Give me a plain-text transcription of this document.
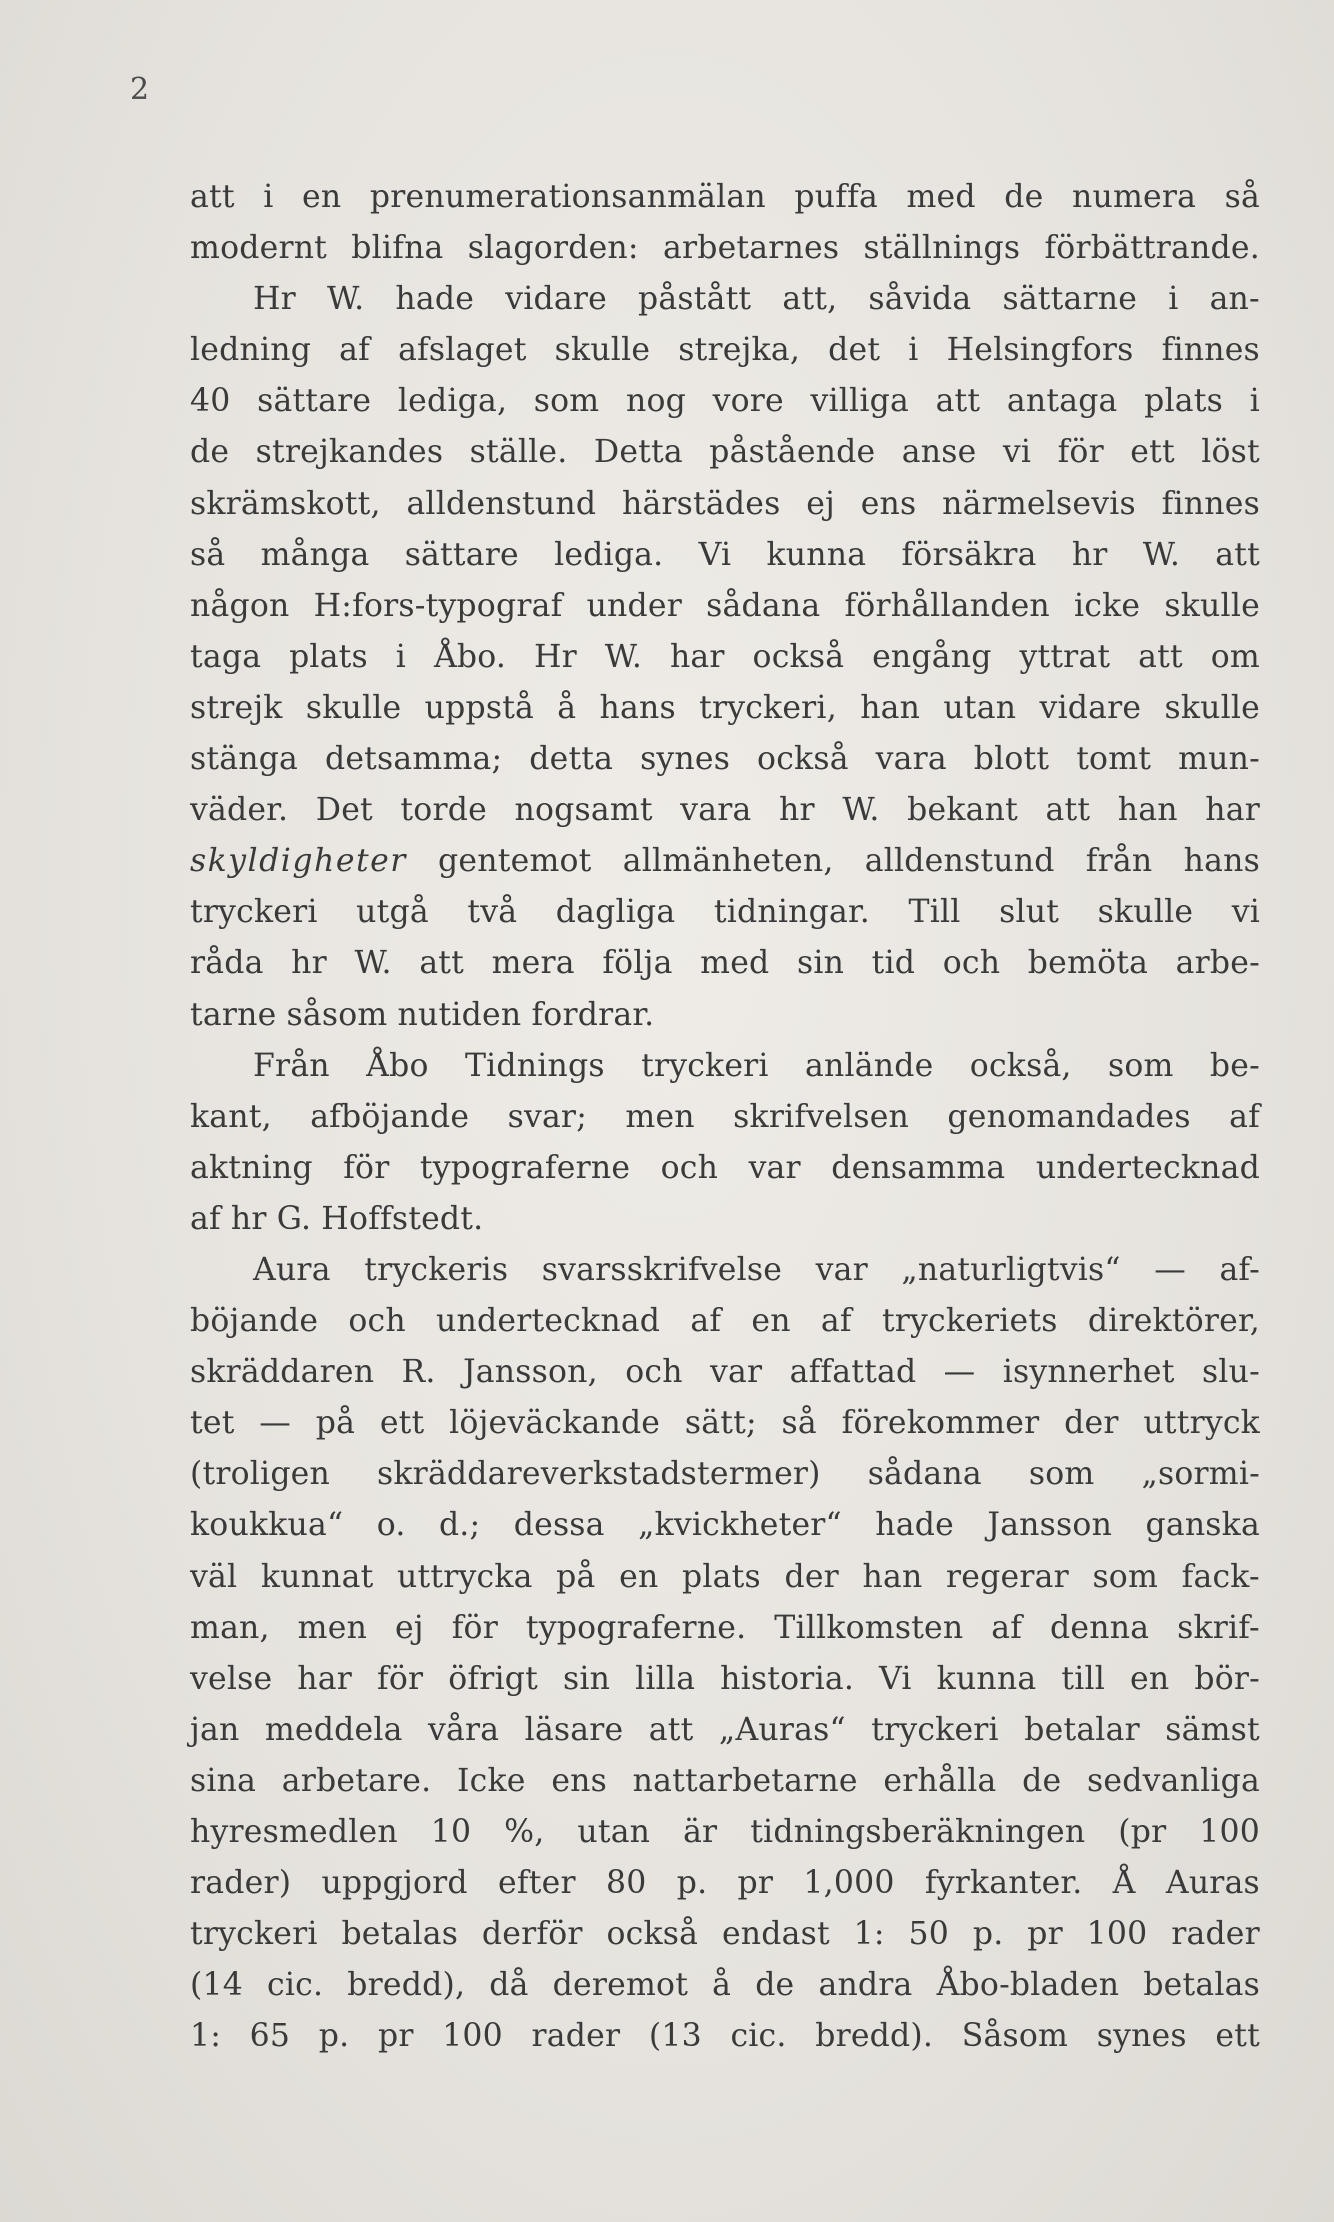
2

att i en prenumerationsanmälan puffa med de numera så
modernt blifna slagorden: arbetarnes ställnings förbättrande.
Hr W. hade vidare påstått att, såvida sättarne i an-
ledning af afslaget skulle strejka, det i Helsingfors finnes
40 sättare lediga, som nog vore villiga att antaga plats i
de strejkandes ställe. Detta påstående anse vi för ett löst
skrämskott, alldenstund härstädes ej ens närmelsevis finnes
så många sättare lediga. Vi kunna försäkra hr W. att
någon H:fors-typograf under sådana förhållanden icke skulle
taga plats i Åbo. Hr W. har också engång yttrat att om
strejk skulle uppstå å hans tryckeri, han utan vidare skulle
stänga detsamma; detta synes också vara blott tomt mun-
väder. Det torde nogsamt vara hr W. bekant att han har
skyldigheter gentemot allmänheten, alldenstund från hans
tryckeri utgå två dagliga tidningar. Till slut skulle vi
råda hr W. att mera följa med sin tid och bemöta arbe-
tarne såsom nutiden fordrar.
Från Åbo Tidnings tryckeri anlände också, som be-
kant, afböjande svar; men skrifvelsen genomandades af
aktning för typograferne och var densamma undertecknad
af hr G. Hoffstedt.
Aura tryckeris svarsskrifvelse var „naturligtvis“ — af-
böjande och undertecknad af en af tryckeriets direktörer,
skräddaren R. Jansson, och var affattad — isynnerhet slu-
tet — på ett löjeväckande sätt; så förekommer der uttryck
(troligen skräddareverkstadstermer) sådana som „sormi-
koukkua“ o. d.; dessa „kvickheter“ hade Jansson ganska
väl kunnat uttrycka på en plats der han regerar som fack-
man, men ej för typograferne. Tillkomsten af denna skrif-
velse har för öfrigt sin lilla historia. Vi kunna till en bör-
jan meddela våra läsare att „Auras“ tryckeri betalar sämst
sina arbetare. Icke ens nattarbetarne erhålla de sedvanliga
hyresmedlen 10 %, utan är tidningsberäkningen (pr 100
rader) uppgjord efter 80 p. pr 1,000 fyrkanter. Å Auras
tryckeri betalas derför också endast 1: 50 p. pr 100 rader
(14 cic. bredd), då deremot å de andra Åbo-bladen betalas
1: 65 p. pr 100 rader (13 cic. bredd). Såsom synes ett
